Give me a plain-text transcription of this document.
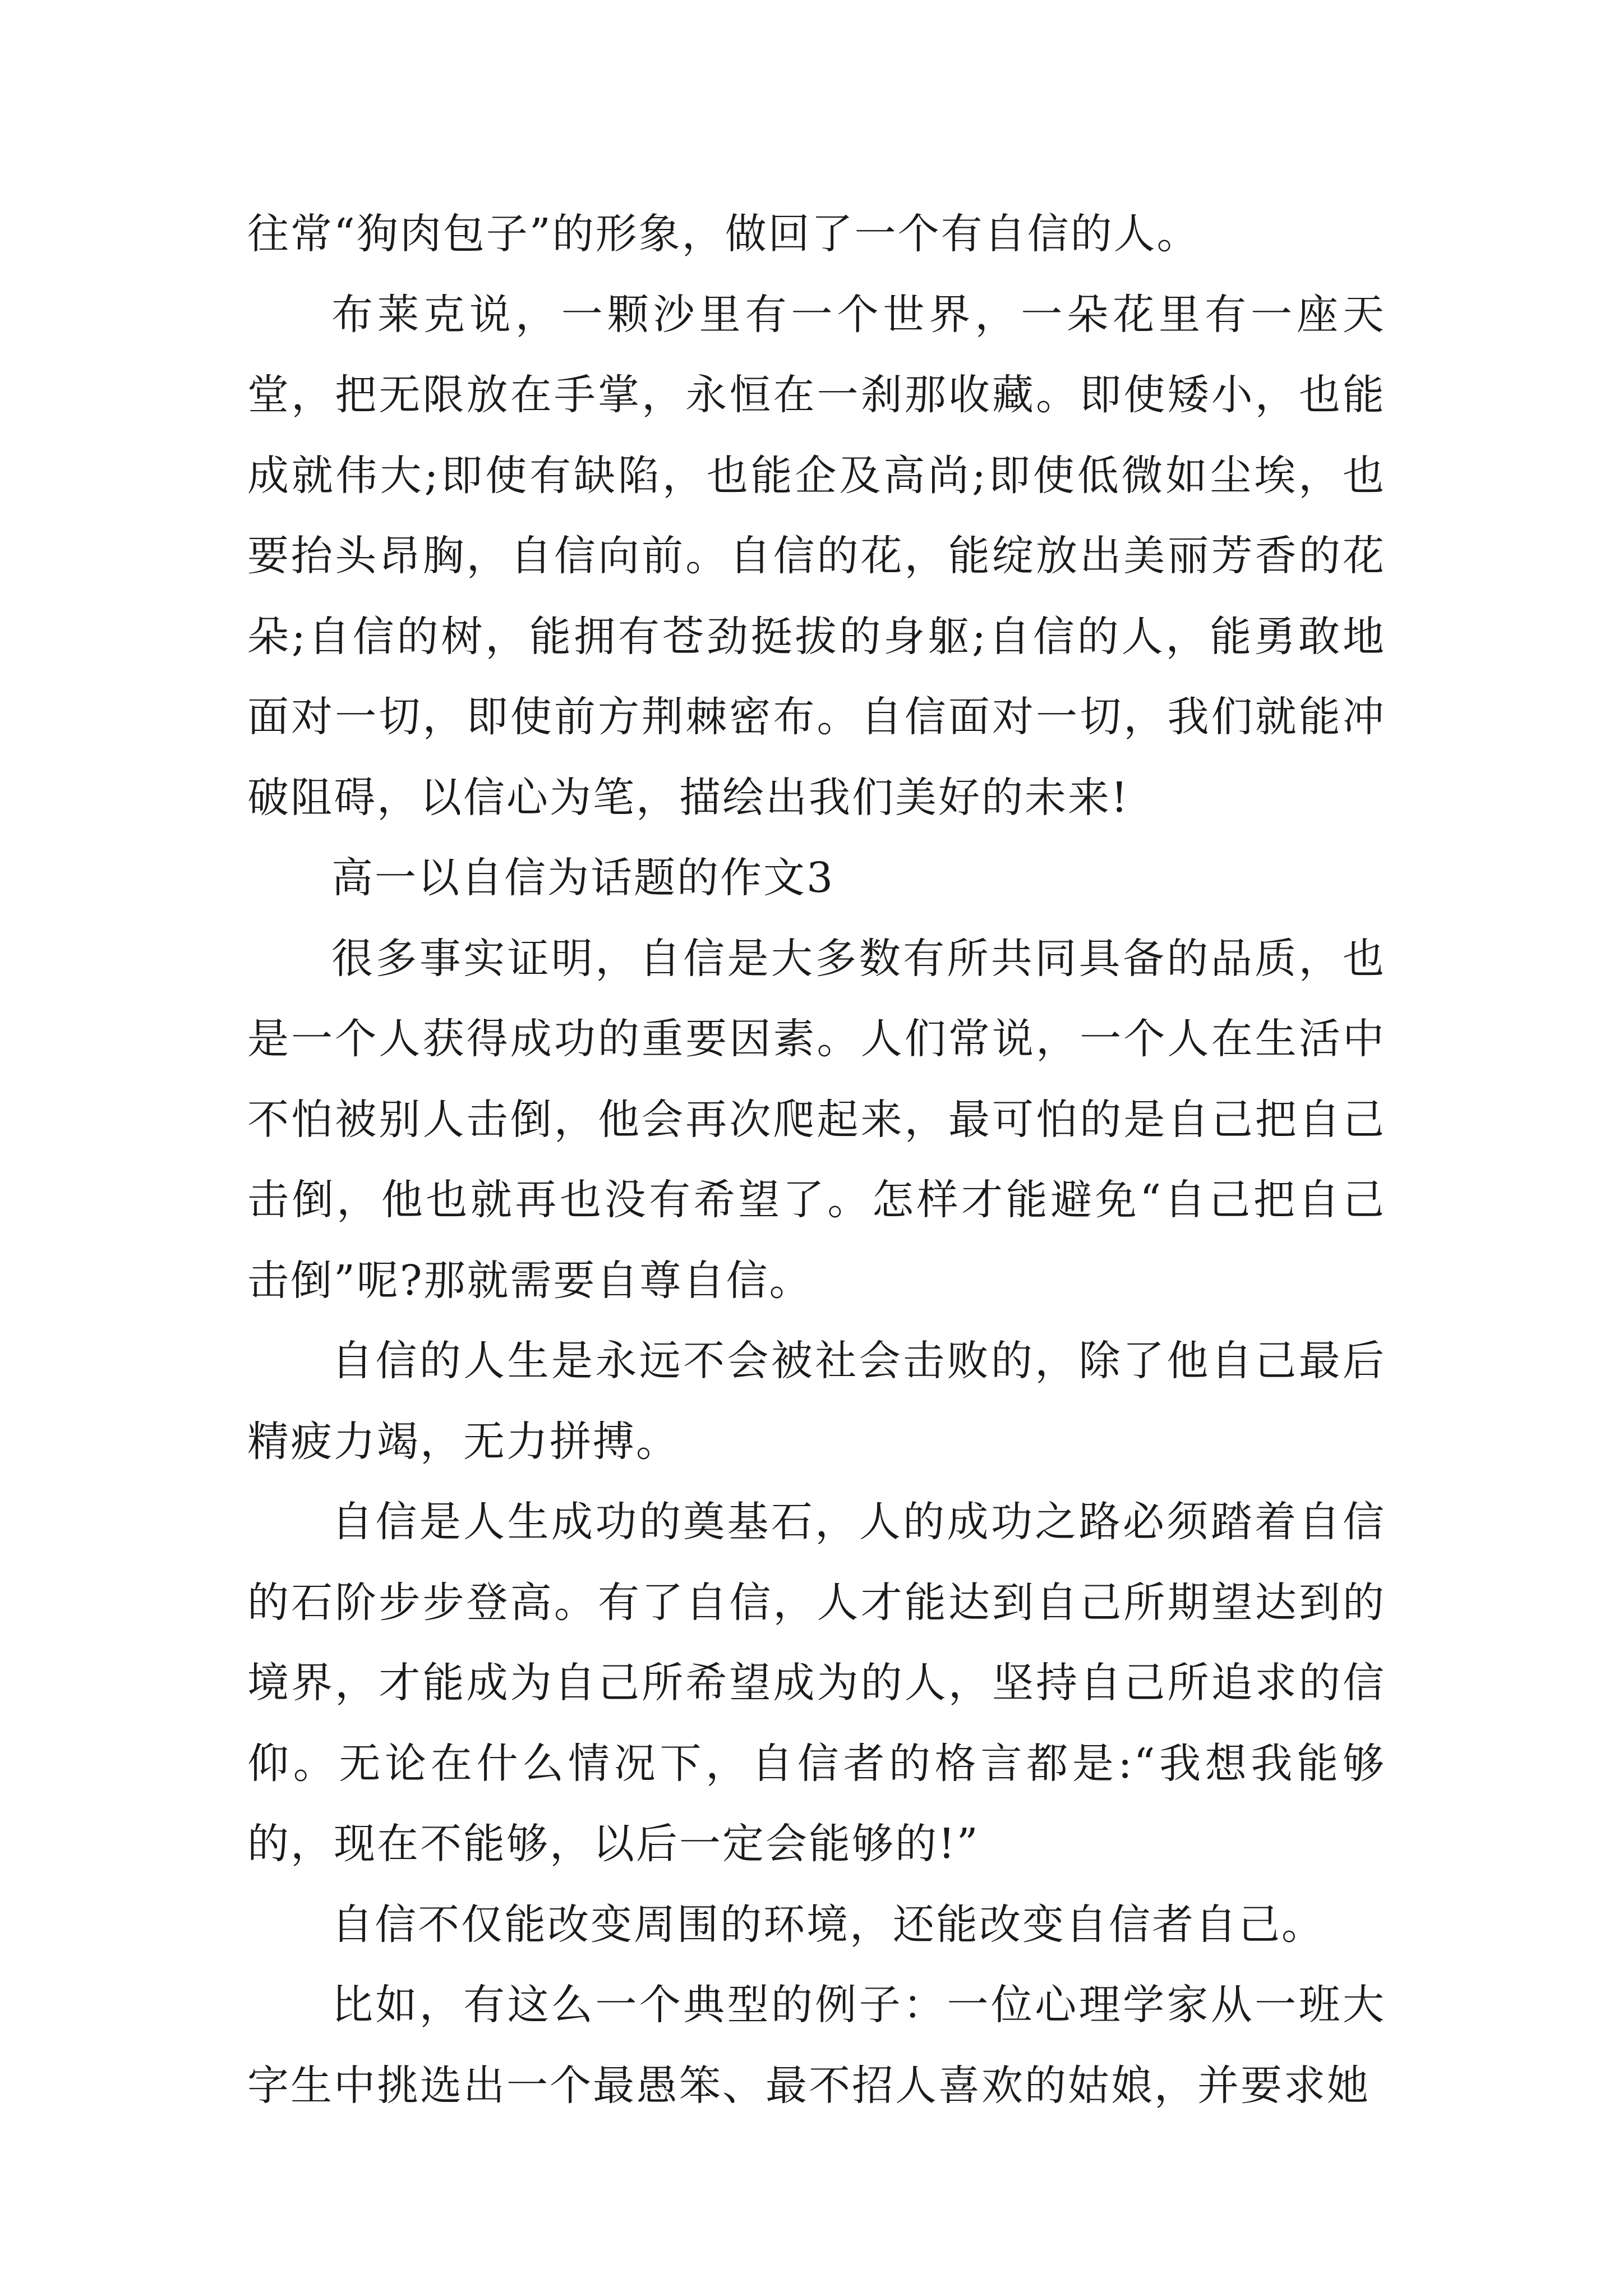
往常“狗肉包子”的形象，做回了一个有自信的人。

布莱克说，一颗沙里有一个世界，一朵花里有一座天堂，把无限放在手掌，永恒在一刹那收藏。即使矮小，也能成就伟大;即使有缺陷，也能企及高尚;即使低微如尘埃，也要抬头昂胸，自信向前。自信的花，能绽放出美丽芳香的花朵;自信的树，能拥有苍劲挺拔的身躯;自信的人，能勇敢地面对一切，即使前方荆棘密布。自信面对一切，我们就能冲破阻碍，以信心为笔，描绘出我们美好的未来!

高一以自信为话题的作文3

很多事实证明，自信是大多数有所共同具备的品质，也是一个人获得成功的重要因素。人们常说，一个人在生活中不怕被别人击倒，他会再次爬起来，最可怕的是自己把自己击倒，他也就再也没有希望了。怎样才能避免“自己把自己击倒”呢?那就需要自尊自信。

自信的人生是永远不会被社会击败的，除了他自己最后精疲力竭，无力拼搏。

自信是人生成功的奠基石，人的成功之路必须踏着自信的石阶步步登高。有了自信，人才能达到自己所期望达到的境界，才能成为自己所希望成为的人，坚持自己所追求的信仰。无论在什么情况下，自信者的格言都是:“我想我能够的，现在不能够，以后一定会能够的!”

自信不仅能改变周围的环境，还能改变自信者自己。

比如，有这么一个典型的例子：一位心理学家从一班大字生中挑选出一个最愚笨、最不招人喜欢的姑娘，并要求她
